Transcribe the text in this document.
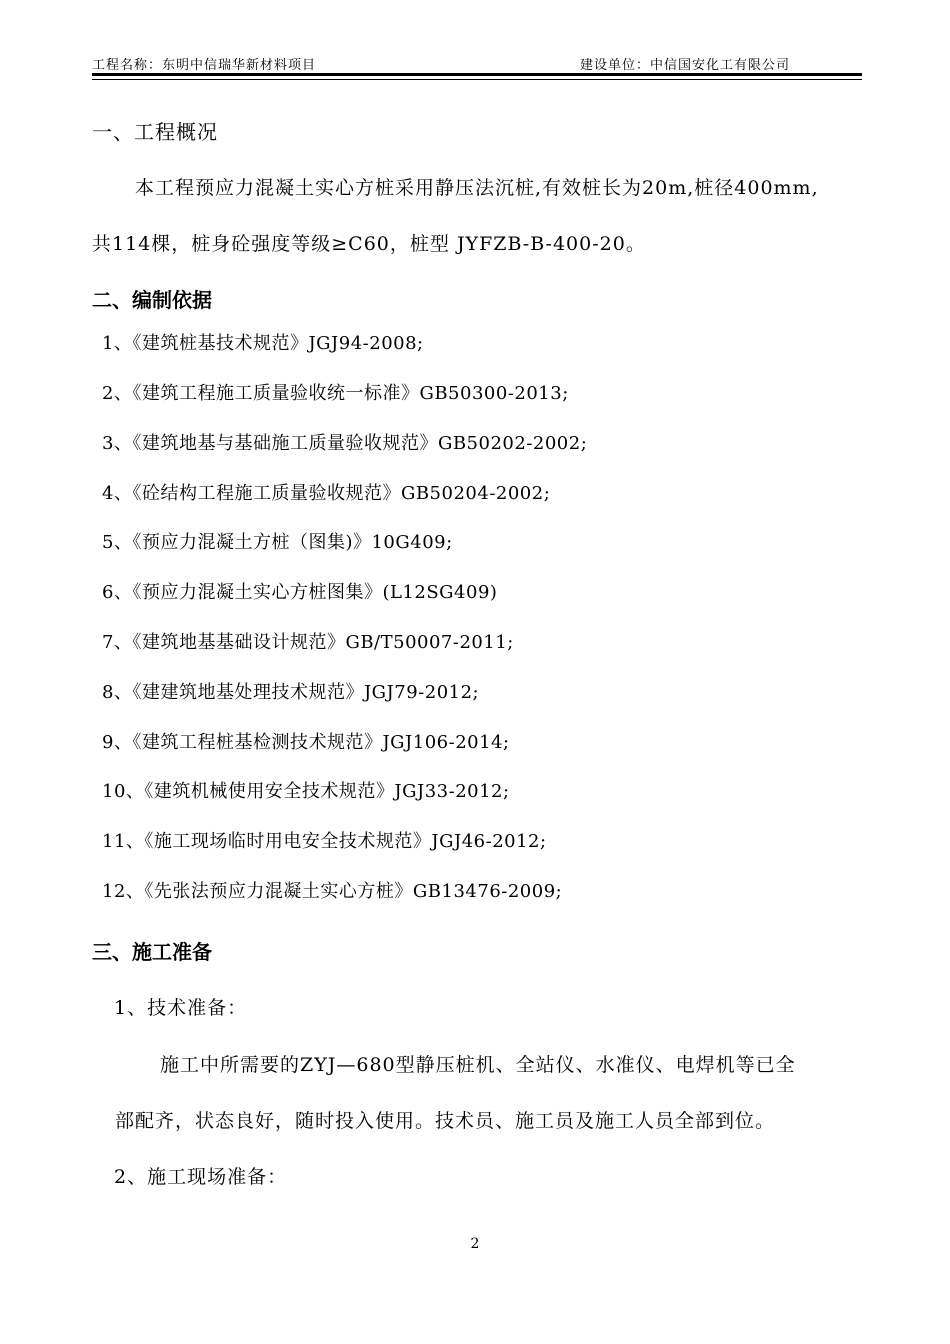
工程名称：东明中信瑞华新材料项目	建设单位：中信国安化工有限公司
一、工程概况
本工程预应力混凝土实心方桩采用静压法沉桩,有效桩长为20m,桩径400mm,
共114棵，桩身砼强度等级≥C60，桩型 JYFZB-B-400-20。
二、编制依据
1、《建筑桩基技术规范》JGJ94-2008;
2、《建筑工程施工质量验收统一标准》GB50300-2013;
3、《建筑地基与基础施工质量验收规范》GB50202-2002;
4、《砼结构工程施工质量验收规范》GB50204-2002;
5、《预应力混凝土方桩（图集)》10G409;
6、《预应力混凝土实心方桩图集》(L12SG409)
7、《建筑地基基础设计规范》GB/T50007-2011;
8、《建建筑地基处理技术规范》JGJ79-2012;
9、《建筑工程桩基检测技术规范》JGJ106-2014;
10、《建筑机械使用安全技术规范》JGJ33-2012;
11、《施工现场临时用电安全技术规范》JGJ46-2012;
12、《先张法预应力混凝土实心方桩》GB13476-2009;
三、施工准备
1、技术准备：
施工中所需要的ZYJ—680型静压桩机、全站仪、水准仪、电焊机等已全
部配齐，状态良好，随时投入使用。技术员、施工员及施工人员全部到位。
2、施工现场准备：
2
